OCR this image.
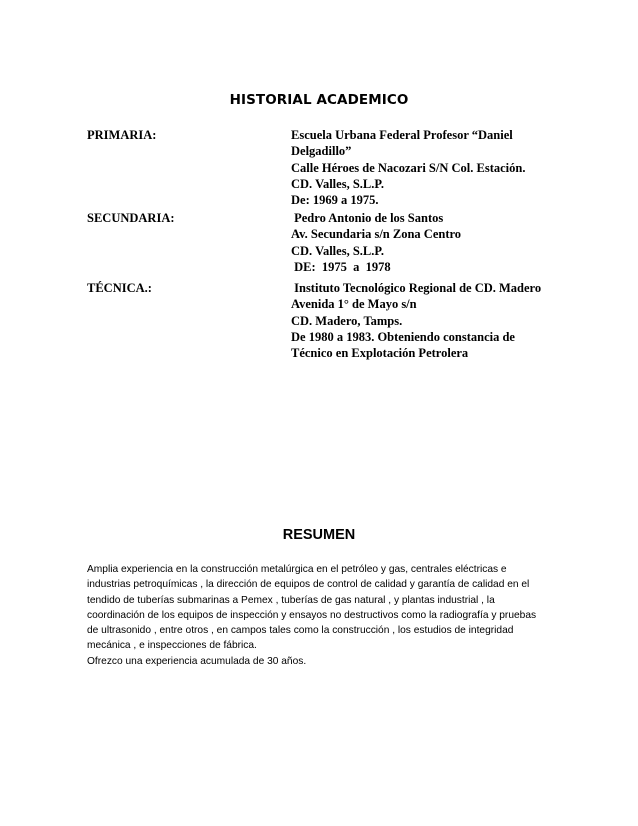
HISTORIAL ACADEMICO
PRIMARIA:	Escuela Urbana Federal Profesor “Daniel
Delgadillo”
Calle Héroes de Nacozari S/N Col. Estación.
CD. Valles, S.L.P.
De: 1969 a 1975.
SECUNDARIA:	Pedro Antonio de los Santos
Av. Secundaria s/n Zona Centro
CD. Valles, S.L.P.
DE:  1975  a  1978
TÉCNICA.:	Instituto Tecnológico Regional de CD. Madero
Avenida 1° de Mayo s/n
CD. Madero, Tamps.
De 1980 a 1983. Obteniendo constancia de
Técnico en Explotación Petrolera
RESUMEN
Amplia experiencia en la construcción metalúrgica en el petróleo y gas, centrales eléctricas e
industrias petroquímicas , la dirección de equipos de control de calidad y garantía de calidad en el
tendido de tuberías submarinas a Pemex , tuberías de gas natural , y plantas industrial , la
coordinación de los equipos de inspección y ensayos no destructivos como la radiografía y pruebas
de ultrasonido , entre otros , en campos tales como la construcción , los estudios de integridad
mecánica , e inspecciones de fábrica.
Ofrezco una experiencia acumulada de 30 años.
